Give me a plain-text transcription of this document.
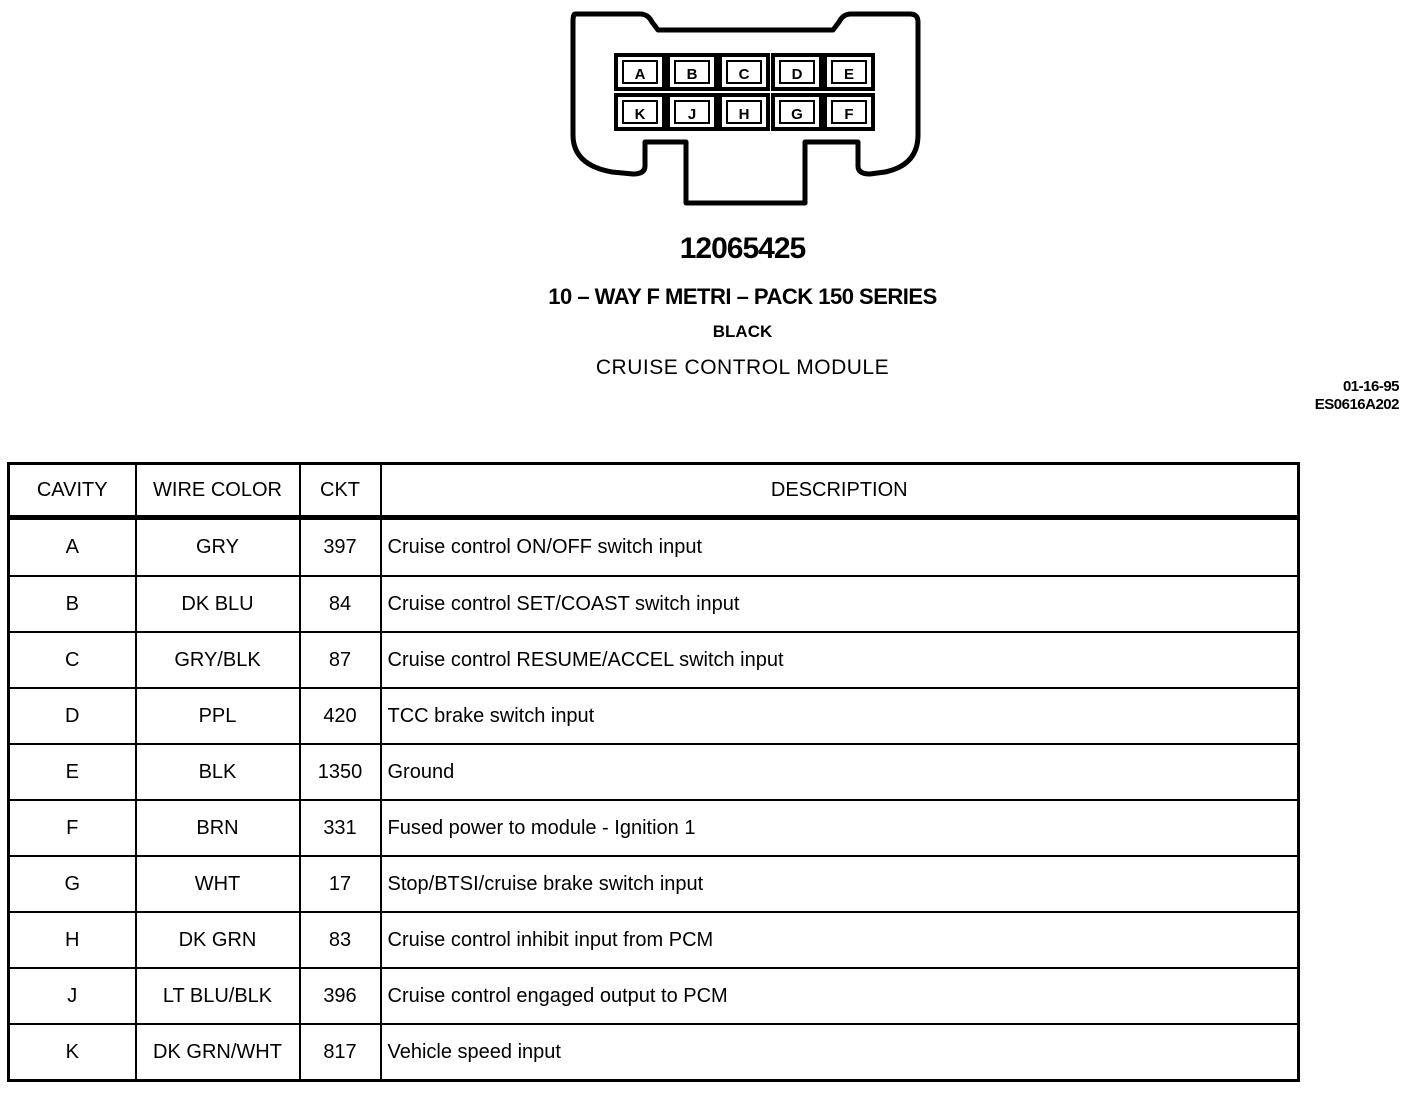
A	B	C	D	E
K	J	H	G	F
12065425
10 – WAY F METRI – PACK 150 SERIES
BLACK
CRUISE CONTROL MODULE
01-16-95
ES0616A202
CAVITY	WIRE COLOR	CKT	DESCRIPTION
A	GRY	397	Cruise control ON/OFF switch input
B	DK BLU	84	Cruise control SET/COAST switch input
C	GRY/BLK	87	Cruise control RESUME/ACCEL switch input
D	PPL	420	TCC brake switch input
E	BLK	1350	Ground
F	BRN	331	Fused power to module - Ignition 1
G	WHT	17	Stop/BTSI/cruise brake switch input
H	DK GRN	83	Cruise control inhibit input from PCM
J	LT BLU/BLK	396	Cruise control engaged output to PCM
K	DK GRN/WHT	817	Vehicle speed input
